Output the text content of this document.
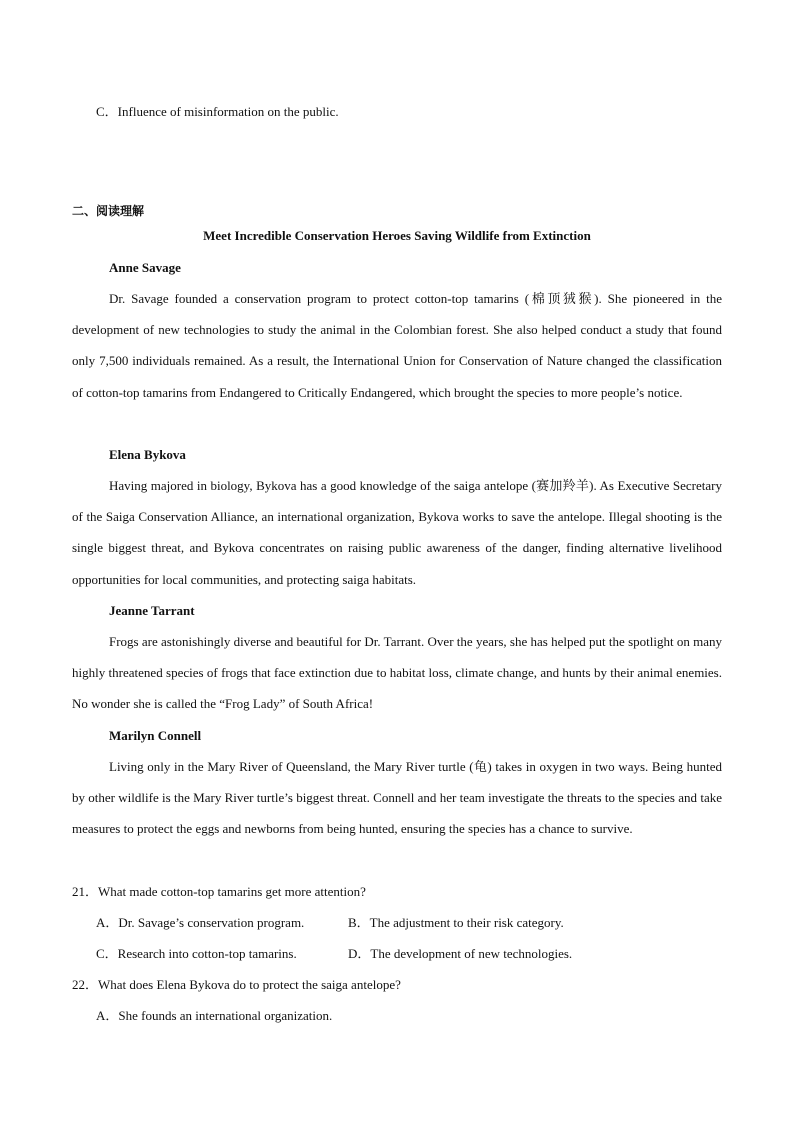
C．Influence of misinformation on the public.
二、阅读理解
Meet Incredible Conservation Heroes Saving Wildlife from Extinction
Anne Savage
Dr. Savage founded a conservation program to protect cotton-top tamarins (棉顶狨猴). She pioneered in the development of new technologies to study the animal in the Colombian forest. She also helped conduct a study that found only 7,500 individuals remained. As a result, the International Union for Conservation of Nature changed the classification of cotton-top tamarins from Endangered to Critically Endangered, which brought the species to more people’s notice.
Elena Bykova
Having majored in biology, Bykova has a good knowledge of the saiga antelope (赛加羚羊). As Executive Secretary of the Saiga Conservation Alliance, an international organization, Bykova works to save the antelope. Illegal shooting is the single biggest threat, and Bykova concentrates on raising public awareness of the danger, finding alternative livelihood opportunities for local communities, and protecting saiga habitats.
Jeanne Tarrant
Frogs are astonishingly diverse and beautiful for Dr. Tarrant. Over the years, she has helped put the spotlight on many highly threatened species of frogs that face extinction due to habitat loss, climate change, and hunts by their animal enemies. No wonder she is called the “Frog Lady” of South Africa!
Marilyn Connell
Living only in the Mary River of Queensland, the Mary River turtle (龟) takes in oxygen in two ways. Being hunted by other wildlife is the Mary River turtle’s biggest threat. Connell and her team investigate the threats to the species and take measures to protect the eggs and newborns from being hunted, ensuring the species has a chance to survive.
21．What made cotton-top tamarins get more attention?
A．Dr. Savage’s conservation program.	B．The adjustment to their risk category.
C．Research into cotton-top tamarins.	D．The development of new technologies.
22．What does Elena Bykova do to protect the saiga antelope?
A．She founds an international organization.
